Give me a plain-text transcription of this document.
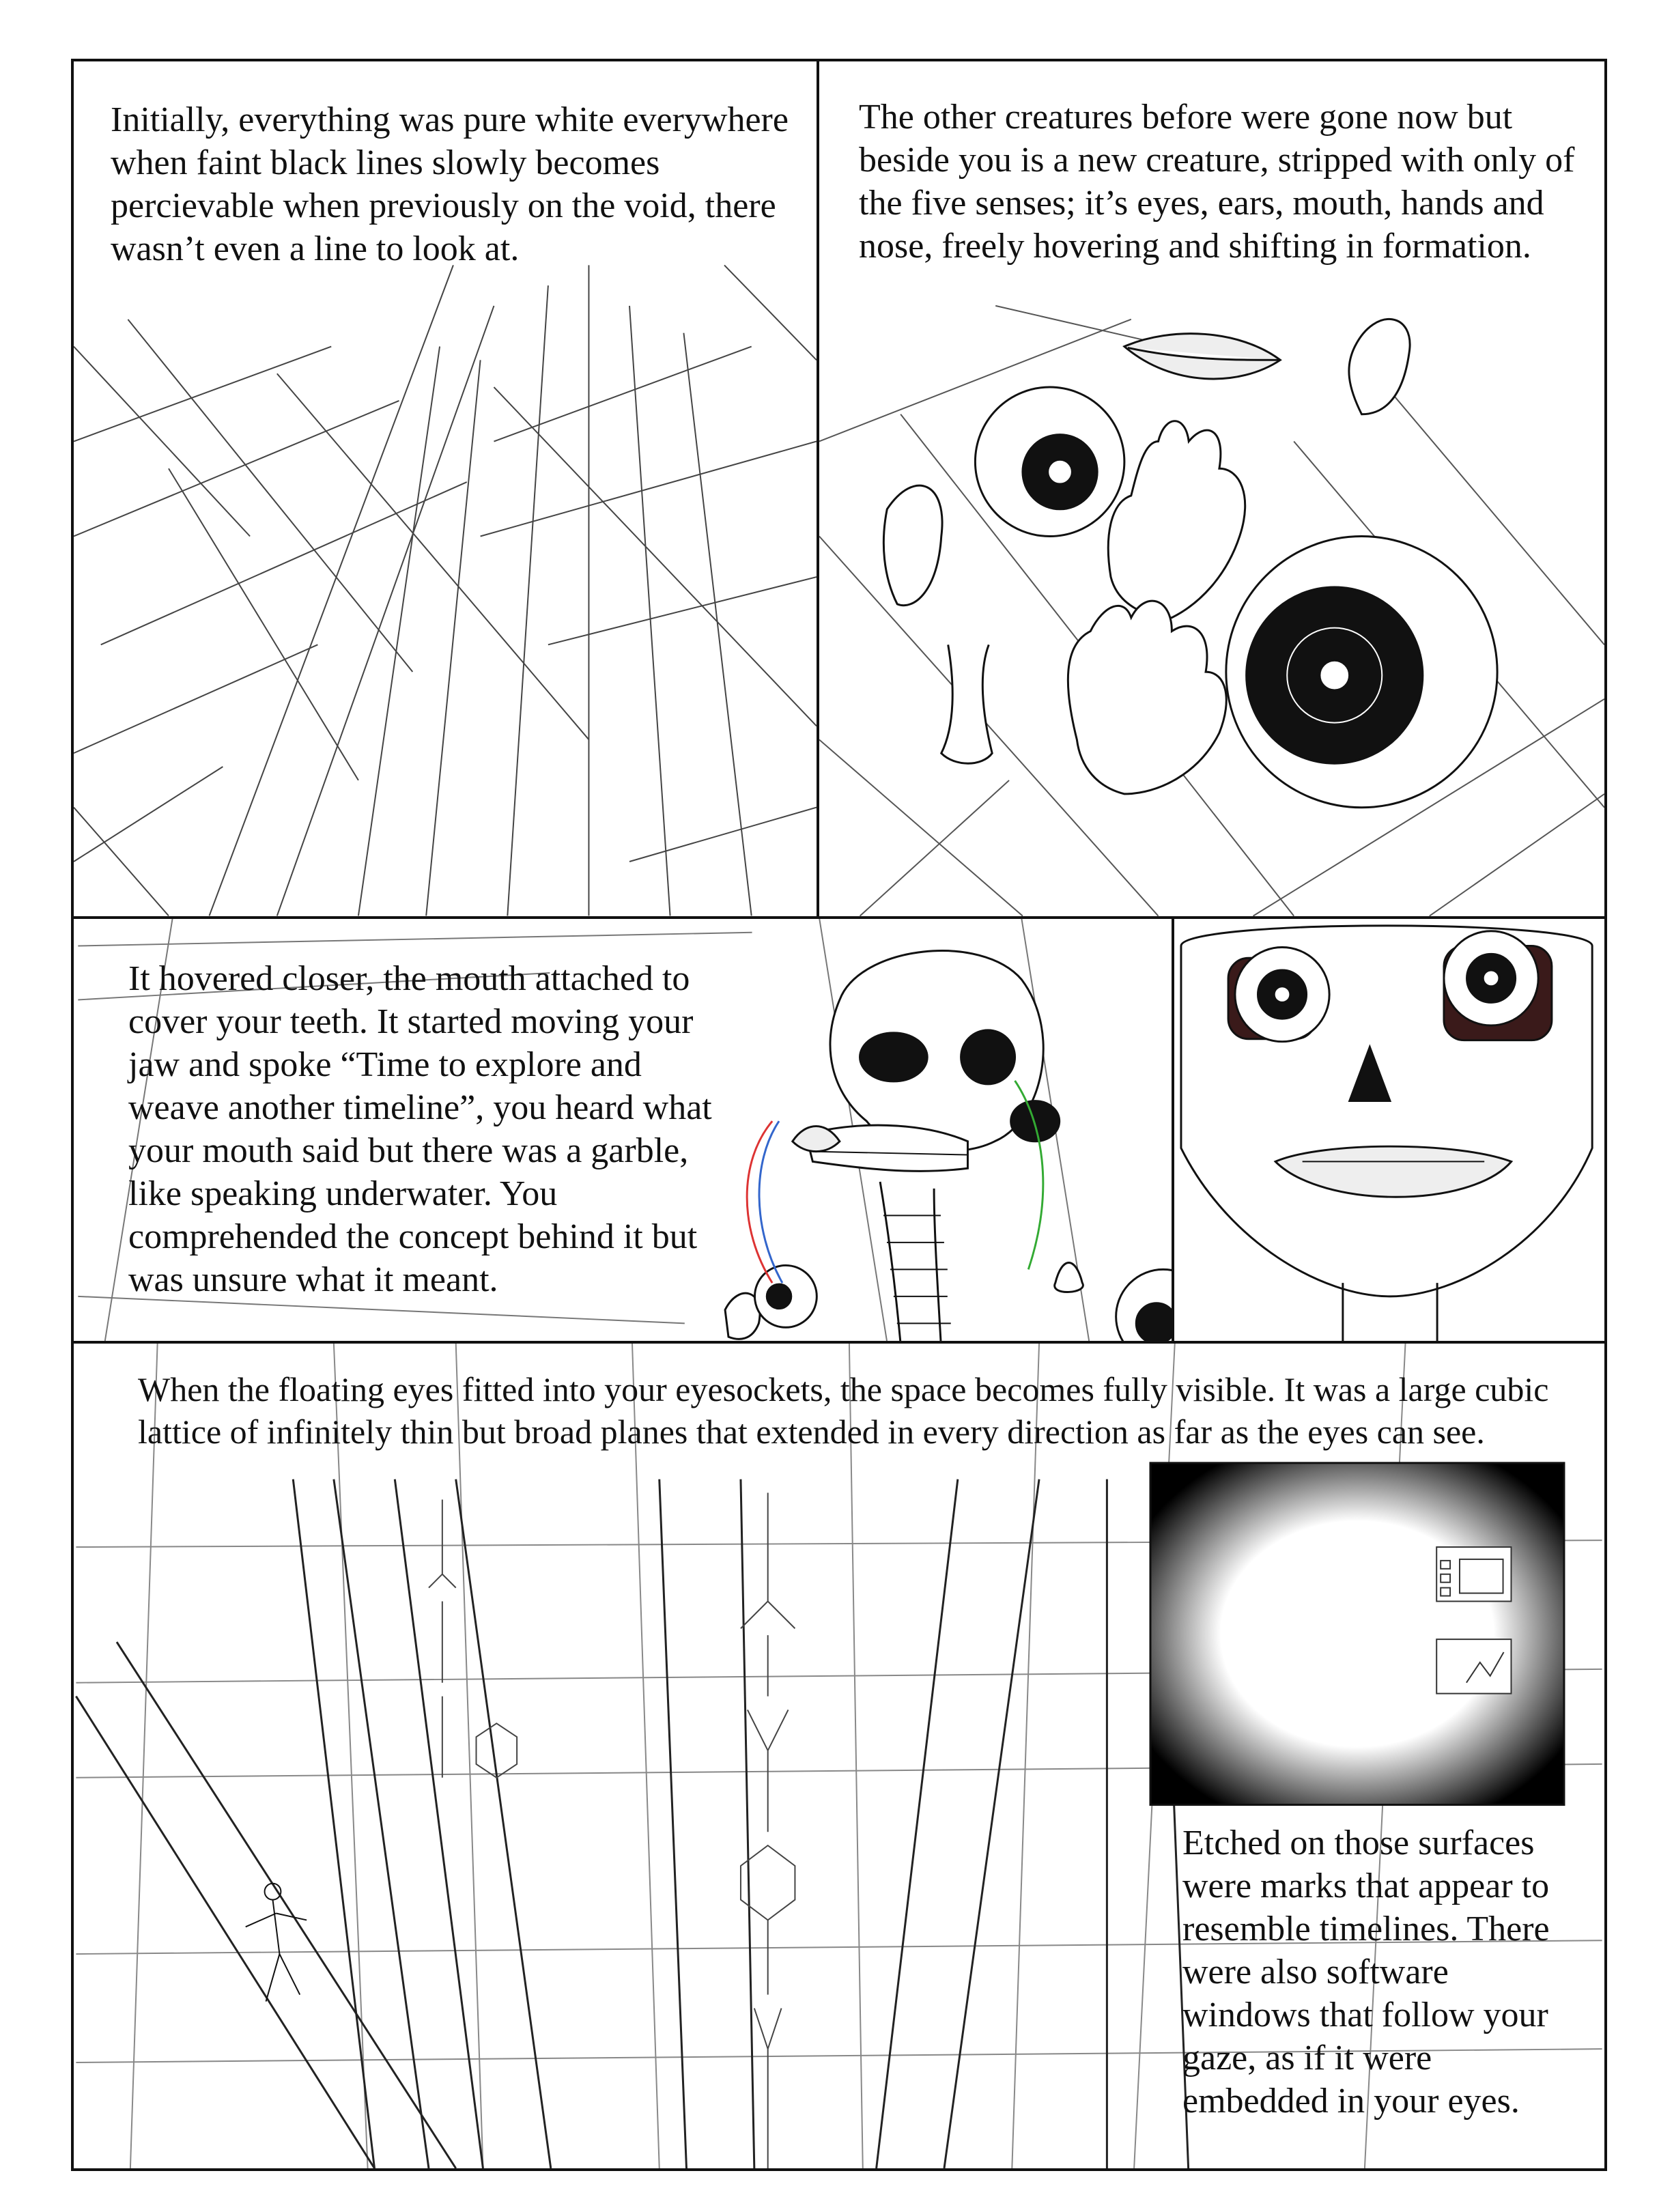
Initially, everything was pure white everywhere when faint black lines slowly becomes percievable when previously on the void, there wasn’t even a line to look at.
The other creatures before were gone now but beside you is a new creature, stripped with only of the five senses; it’s eyes, ears, mouth, hands and nose, freely hovering and shifting in formation.
It hovered closer, the mouth attached to cover your teeth. It started moving your jaw and spoke “Time to explore and weave another timeline”, you heard what your mouth said but there was a garble, like speaking underwater. You comprehended the concept behind it but was unsure what it meant.
When the floating eyes fitted into your eyesockets, the space becomes fully visible. It was a large cubic lattice of infinitely thin but broad planes that extended in every direction as far as the eyes can see.
Etched on those surfaces were marks that appear to resemble timelines. There were also software windows that follow your gaze, as if it were embedded in your eyes.
